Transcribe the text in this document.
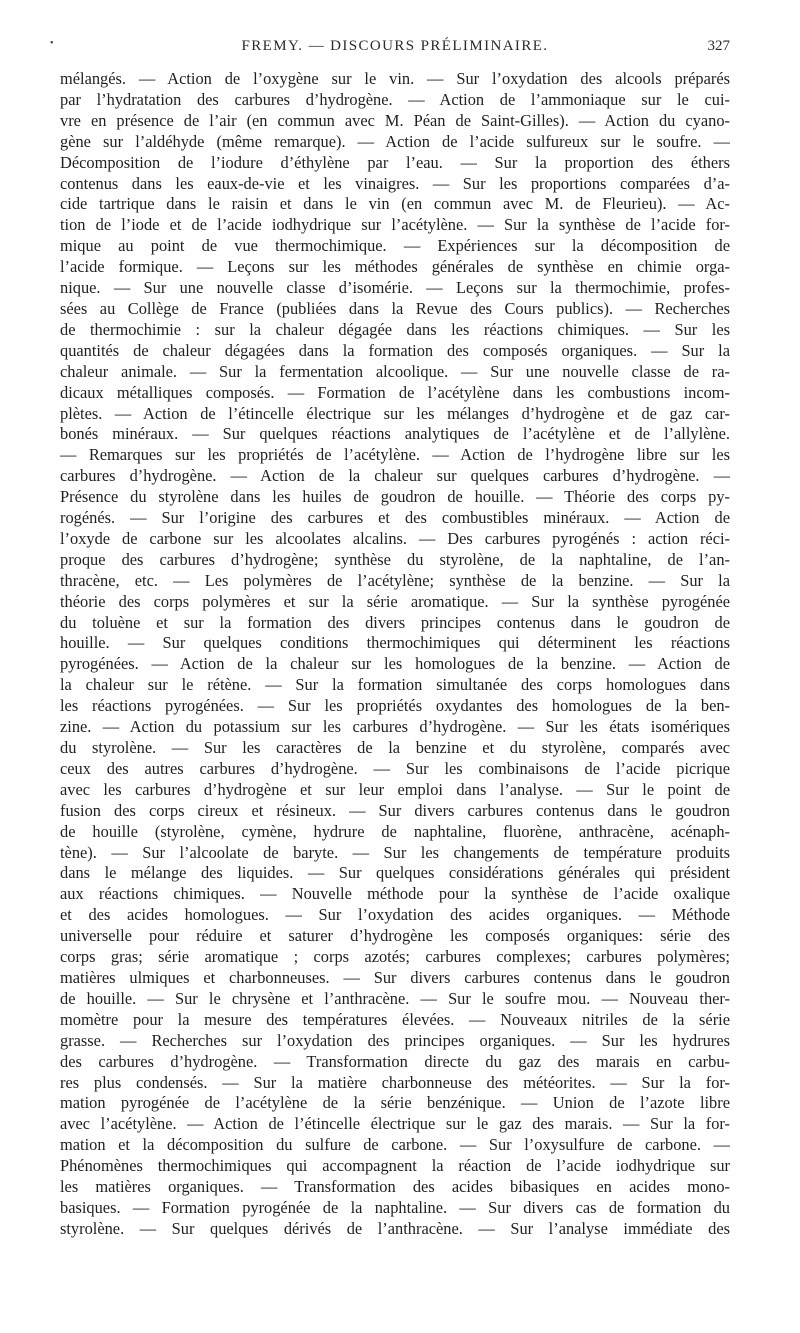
•	FREMY. — DISCOURS PRÉLIMINAIRE.	327
mélangés. — Action de l’oxygène sur le vin. — Sur l’oxydation des alcools préparés
par l’hydratation des carbures d’hydrogène. — Action de l’ammoniaque sur le cui-
vre en présence de l’air (en commun avec M. Péan de Saint-Gilles). — Action du cyano-
gène sur l’aldéhyde (même remarque). — Action de l’acide sulfureux sur le soufre. —
Décomposition de l’iodure d’éthylène par l’eau. — Sur la proportion des éthers
contenus dans les eaux-de-vie et les vinaigres. — Sur les proportions comparées d’a-
cide tartrique dans le raisin et dans le vin (en commun avec M. de Fleurieu). — Ac-
tion de l’iode et de l’acide iodhydrique sur l’acétylène. — Sur la synthèse de l’acide for-
mique au point de vue thermochimique. — Expériences sur la décomposition de
l’acide formique. — Leçons sur les méthodes générales de synthèse en chimie orga-
nique. — Sur une nouvelle classe d’isomérie. — Leçons sur la thermochimie, profes-
sées au Collège de France (publiées dans la Revue des Cours publics). — Recherches
de thermochimie : sur la chaleur dégagée dans les réactions chimiques. — Sur les
quantités de chaleur dégagées dans la formation des composés organiques. — Sur la
chaleur animale. — Sur la fermentation alcoolique. — Sur une nouvelle classe de ra-
dicaux métalliques composés. — Formation de l’acétylène dans les combustions incom-
plètes. — Action de l’étincelle électrique sur les mélanges d’hydrogène et de gaz car-
bonés minéraux. — Sur quelques réactions analytiques de l’acétylène et de l’allylène.
— Remarques sur les propriétés de l’acétylène. — Action de l’hydrogène libre sur les
carbures d’hydrogène. — Action de la chaleur sur quelques carbures d’hydrogène. —
Présence du styrolène dans les huiles de goudron de houille. — Théorie des corps py-
rogénés. — Sur l’origine des carbures et des combustibles minéraux. — Action de
l’oxyde de carbone sur les alcoolates alcalins. — Des carbures pyrogénés : action réci-
proque des carbures d’hydrogène; synthèse du styrolène, de la naphtaline, de l’an-
thracène, etc. — Les polymères de l’acétylène; synthèse de la benzine. — Sur la
théorie des corps polymères et sur la série aromatique. — Sur la synthèse pyrogénée
du toluène et sur la formation des divers principes contenus dans le goudron de
houille. — Sur quelques conditions thermochimiques qui déterminent les réactions
pyrogénées. — Action de la chaleur sur les homologues de la benzine. — Action de
la chaleur sur le rétène. — Sur la formation simultanée des corps homologues dans
les réactions pyrogénées. — Sur les propriétés oxydantes des homologues de la ben-
zine. — Action du potassium sur les carbures d’hydrogène. — Sur les états isomériques
du styrolène. — Sur les caractères de la benzine et du styrolène, comparés avec
ceux des autres carbures d’hydrogène. — Sur les combinaisons de l’acide picrique
avec les carbures d’hydrogène et sur leur emploi dans l’analyse. — Sur le point de
fusion des corps cireux et résineux. — Sur divers carbures contenus dans le goudron
de houille (styrolène, cymène, hydrure de naphtaline, fluorène, anthracène, acénaph-
tène). — Sur l’alcoolate de baryte. — Sur les changements de température produits
dans le mélange des liquides. — Sur quelques considérations générales qui président
aux réactions chimiques. — Nouvelle méthode pour la synthèse de l’acide oxalique
et des acides homologues. — Sur l’oxydation des acides organiques. — Méthode
universelle pour réduire et saturer d’hydrogène les composés organiques: série des
corps gras; série aromatique ; corps azotés; carbures complexes; carbures polymères;
matières ulmiques et charbonneuses. — Sur divers carbures contenus dans le goudron
de houille. — Sur le chrysène et l’anthracène. — Sur le soufre mou. — Nouveau ther-
momètre pour la mesure des températures élevées. — Nouveaux nitriles de la série
grasse. — Recherches sur l’oxydation des principes organiques. — Sur les hydrures
des carbures d’hydrogène. — Transformation directe du gaz des marais en carbu-
res plus condensés. — Sur la matière charbonneuse des météorites. — Sur la for-
mation pyrogénée de l’acétylène de la série benzénique. — Union de l’azote libre
avec l’acétylène. — Action de l’étincelle électrique sur le gaz des marais. — Sur la for-
mation et la décomposition du sulfure de carbone. — Sur l’oxysulfure de carbone. —
Phénomènes thermochimiques qui accompagnent la réaction de l’acide iodhydrique sur
les matières organiques. — Transformation des acides bibasiques en acides mono-
basiques. — Formation pyrogénée de la naphtaline. — Sur divers cas de formation du
styrolène. — Sur quelques dérivés de l’anthracène. — Sur l’analyse immédiate des
